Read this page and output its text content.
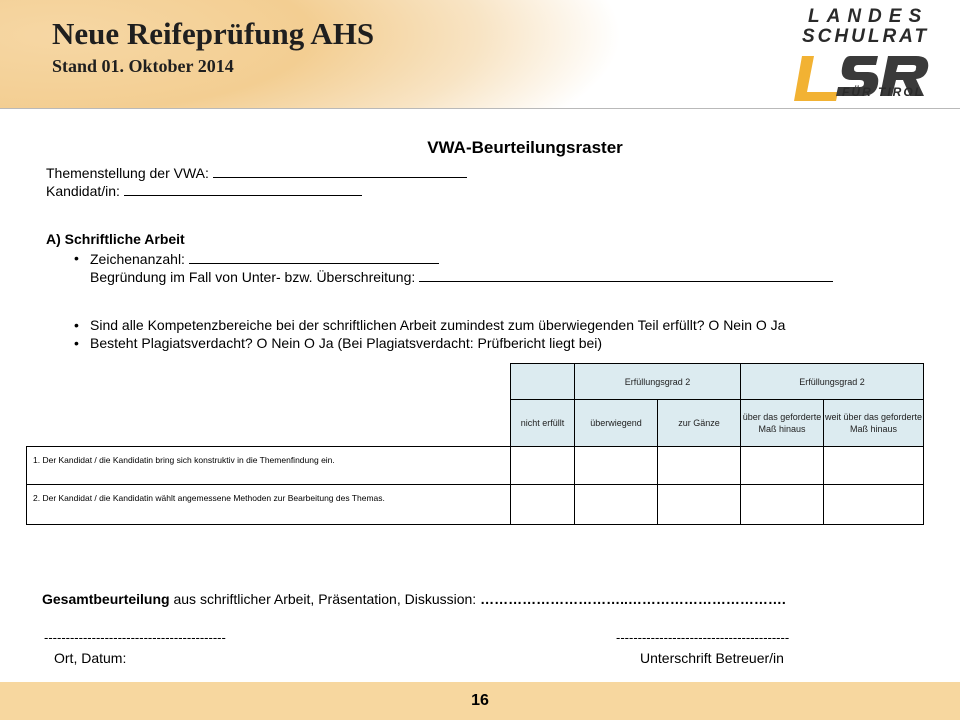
Neue Reifeprüfung AHS
Stand 01. Oktober 2014
LANDES
SCHULRAT
FÜR TIROL
VWA-Beurteilungsraster
Themenstellung der VWA:
Kandidat/in:
A) Schriftliche Arbeit
• Zeichenanzahl:
Begründung im Fall von Unter- bzw. Überschreitung:
• Sind alle Kompetenzbereiche bei der schriftlichen Arbeit zumindest zum überwiegenden Teil erfüllt? O Nein O Ja
• Besteht Plagiatsverdacht? O Nein O Ja (Bei Plagiatsverdacht: Prüfbericht liegt bei)
		Erfüllungsgrad 2		Erfüllungsgrad 2	
	nicht erfüllt	überwiegend	zur Gänze	über das geforderte Maß hinaus	weit über das geforderte Maß hinaus
1. Der Kandidat / die Kandidatin bring sich konstruktiv in die Themenfindung ein.					
2. Der Kandidat / die Kandidatin wählt angemessene Methoden zur Bearbeitung des Themas.					
Gesamtbeurteilung aus schriftlicher Arbeit, Präsentation, Diskussion: …………………………..…………………………….
------------------------------------------	----------------------------------------
Ort, Datum:	Unterschrift Betreuer/in
16
